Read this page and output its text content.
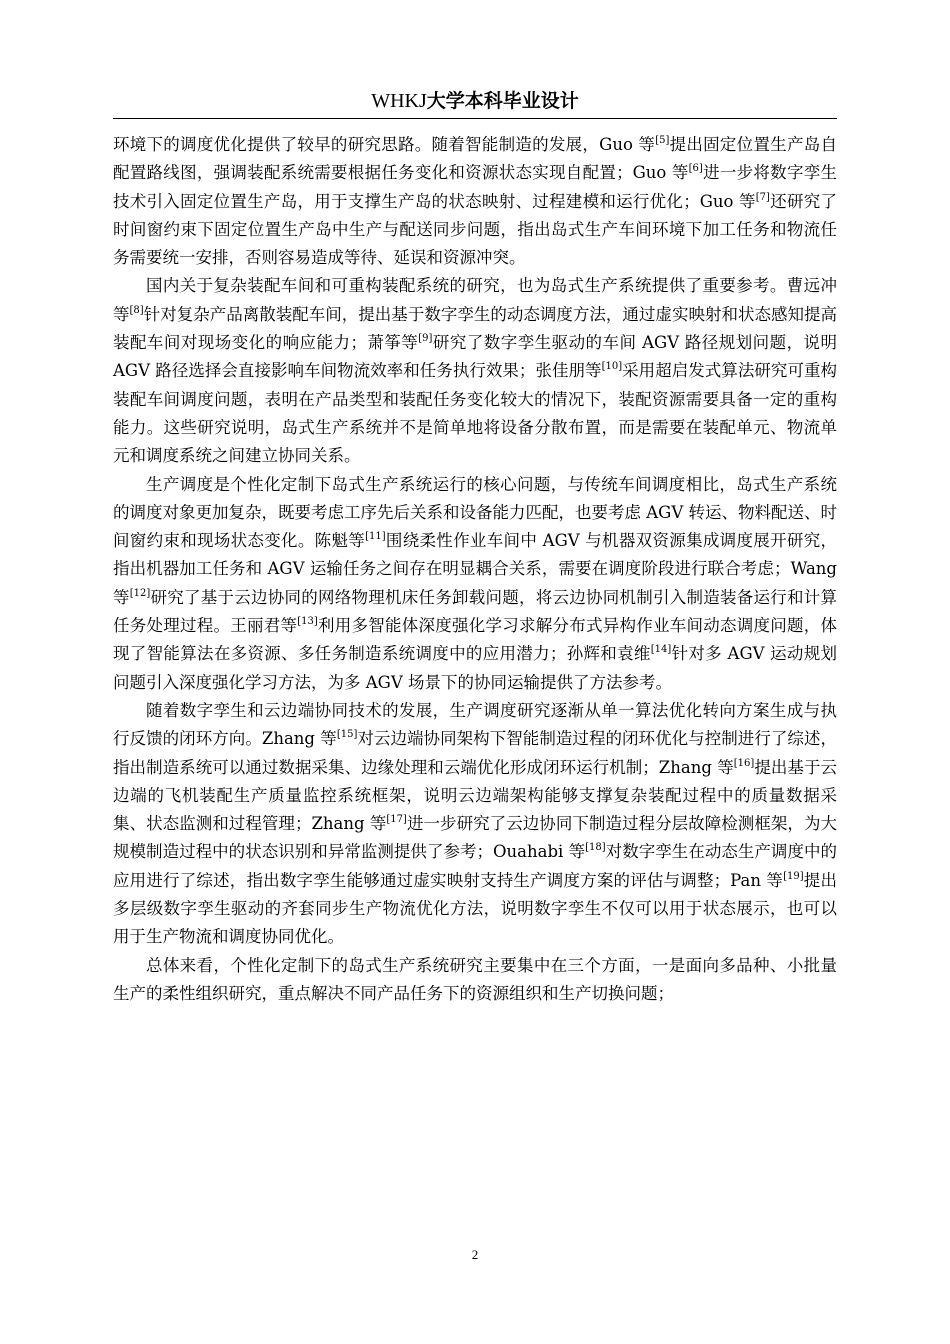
WHKJ大学本科毕业设计

环境下的调度优化提供了较早的研究思路。随着智能制造的发展，Guo 等[5]提出固定位置生产岛自配置路线图，强调装配系统需要根据任务变化和资源状态实现自配置；Guo 等[6]进一步将数字孪生技术引入固定位置生产岛，用于支撑生产岛的状态映射、过程建模和运行优化；Guo 等[7]还研究了时间窗约束下固定位置生产岛中生产与配送同步问题，指出岛式生产车间环境下加工任务和物流任务需要统一安排，否则容易造成等待、延误和资源冲突。

国内关于复杂装配车间和可重构装配系统的研究，也为岛式生产系统提供了重要参考。曹远冲等[8]针对复杂产品离散装配车间，提出基于数字孪生的动态调度方法，通过虚实映射和状态感知提高装配车间对现场变化的响应能力；萧筝等[9]研究了数字孪生驱动的车间 AGV 路径规划问题，说明 AGV 路径选择会直接影响车间物流效率和任务执行效果；张佳朋等[10]采用超启发式算法研究可重构装配车间调度问题，表明在产品类型和装配任务变化较大的情况下，装配资源需要具备一定的重构能力。这些研究说明，岛式生产系统并不是简单地将设备分散布置，而是需要在装配单元、物流单元和调度系统之间建立协同关系。

生产调度是个性化定制下岛式生产系统运行的核心问题，与传统车间调度相比，岛式生产系统的调度对象更加复杂，既要考虑工序先后关系和设备能力匹配，也要考虑 AGV 转运、物料配送、时间窗约束和现场状态变化。陈魁等[11]围绕柔性作业车间中 AGV 与机器双资源集成调度展开研究，指出机器加工任务和 AGV 运输任务之间存在明显耦合关系，需要在调度阶段进行联合考虑；Wang 等[12]研究了基于云边协同的网络物理机床任务卸载问题，将云边协同机制引入制造装备运行和计算任务处理过程。王丽君等[13]利用多智能体深度强化学习求解分布式异构作业车间动态调度问题，体现了智能算法在多资源、多任务制造系统调度中的应用潜力；孙辉和袁维[14]针对多 AGV 运动规划问题引入深度强化学习方法，为多 AGV 场景下的协同运输提供了方法参考。

随着数字孪生和云边端协同技术的发展，生产调度研究逐渐从单一算法优化转向方案生成与执行反馈的闭环方向。Zhang 等[15]对云边端协同架构下智能制造过程的闭环优化与控制进行了综述，指出制造系统可以通过数据采集、边缘处理和云端优化形成闭环运行机制；Zhang 等[16]提出基于云边端的飞机装配生产质量监控系统框架，说明云边端架构能够支撑复杂装配过程中的质量数据采集、状态监测和过程管理；Zhang 等[17]进一步研究了云边协同下制造过程分层故障检测框架，为大规模制造过程中的状态识别和异常监测提供了参考；Ouahabi 等[18]对数字孪生在动态生产调度中的应用进行了综述，指出数字孪生能够通过虚实映射支持生产调度方案的评估与调整；Pan 等[19]提出多层级数字孪生驱动的齐套同步生产物流优化方法，说明数字孪生不仅可以用于状态展示，也可以用于生产物流和调度协同优化。

总体来看，个性化定制下的岛式生产系统研究主要集中在三个方面，一是面向多品种、小批量生产的柔性组织研究，重点解决不同产品任务下的资源组织和生产切换问题；

2
